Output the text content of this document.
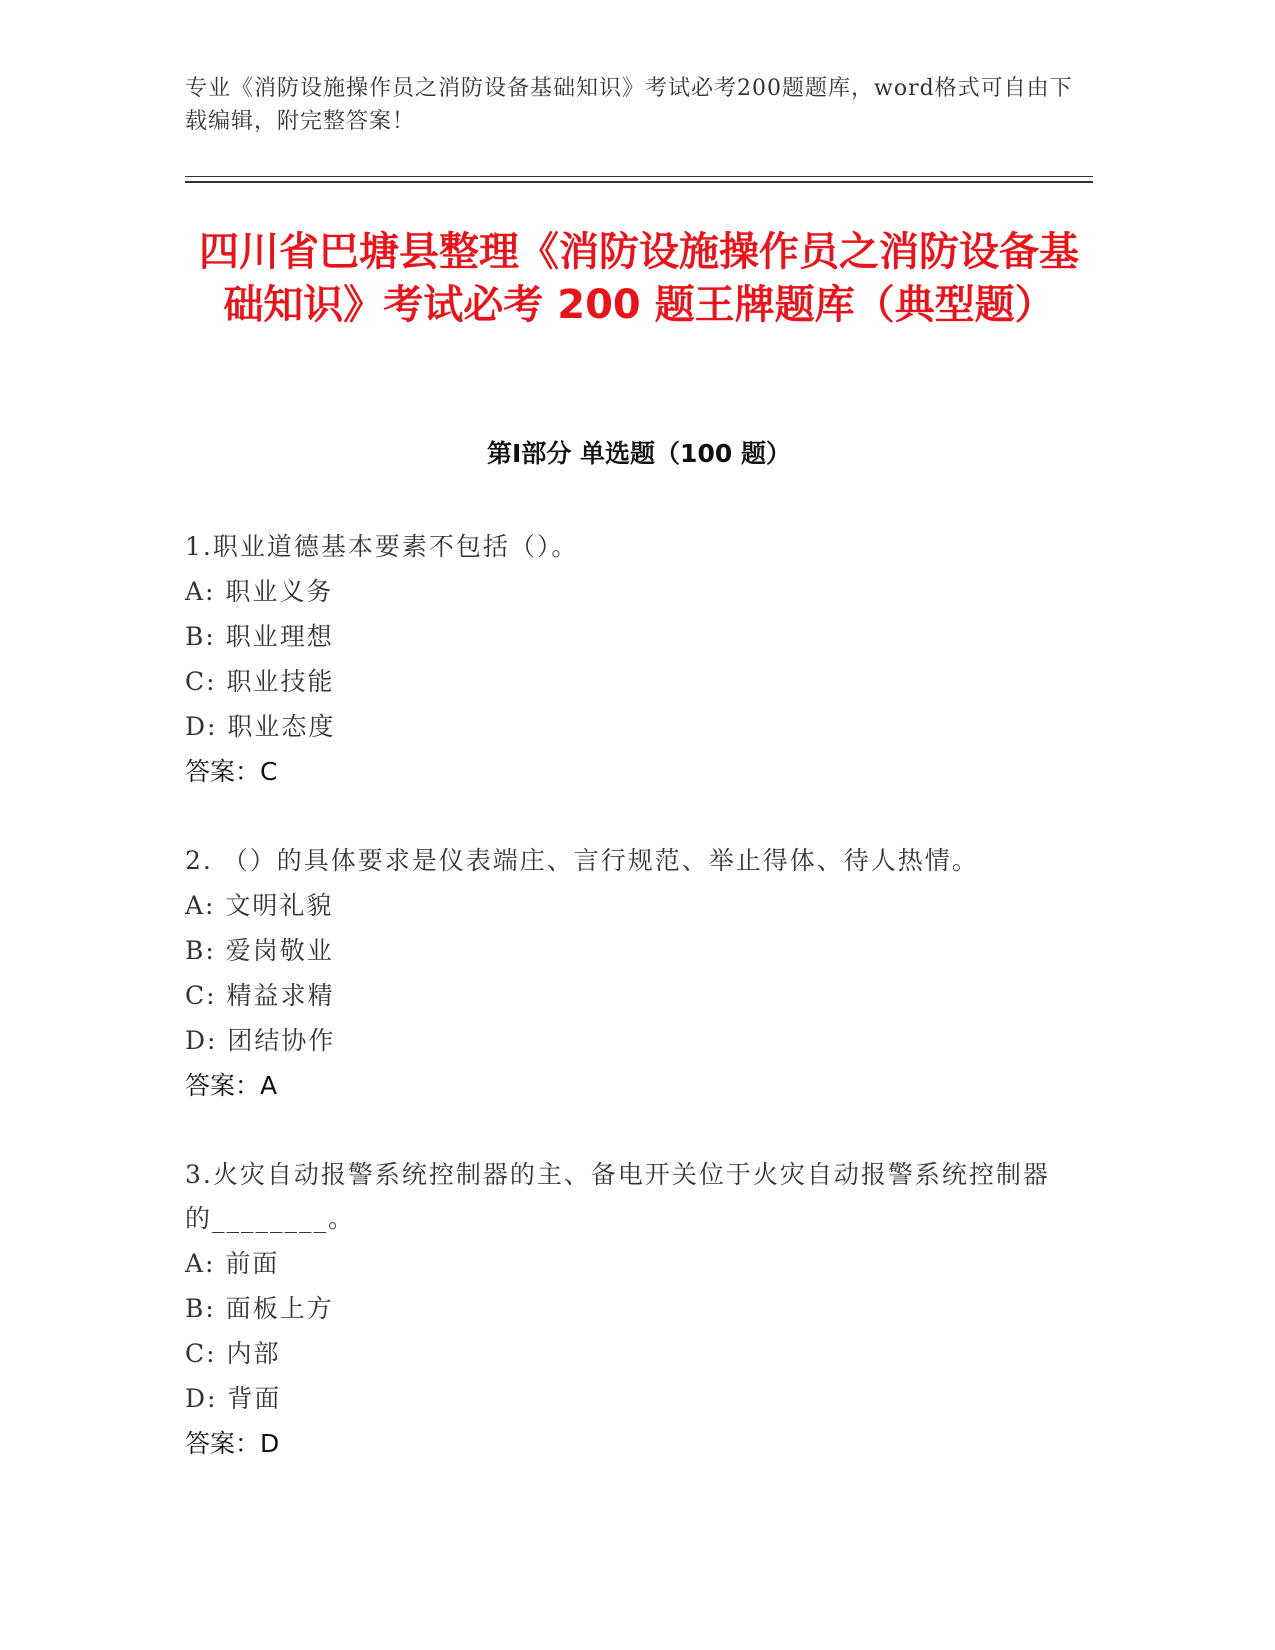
专业《消防设施操作员之消防设备基础知识》考试必考200题题库，word格式可自由下载编辑，附完整答案！

四川省巴塘县整理《消防设施操作员之消防设备基础知识》考试必考 200 题王牌题库（典型题）
第Ⅰ部分 单选题（100 题）

1.职业道德基本要素不包括（）。

A: 职业义务
B: 职业理想
C: 职业技能
D: 职业态度

答案：C

2. （）的具体要求是仪表端庄、言行规范、举止得体、待人热情。

A: 文明礼貌
B: 爱岗敬业
C: 精益求精
D: 团结协作

答案：A

3.火灾自动报警系统控制器的主、备电开关位于火灾自动报警系统控制器的________。

A: 前面
B: 面板上方
C: 内部
D: 背面

答案：D
